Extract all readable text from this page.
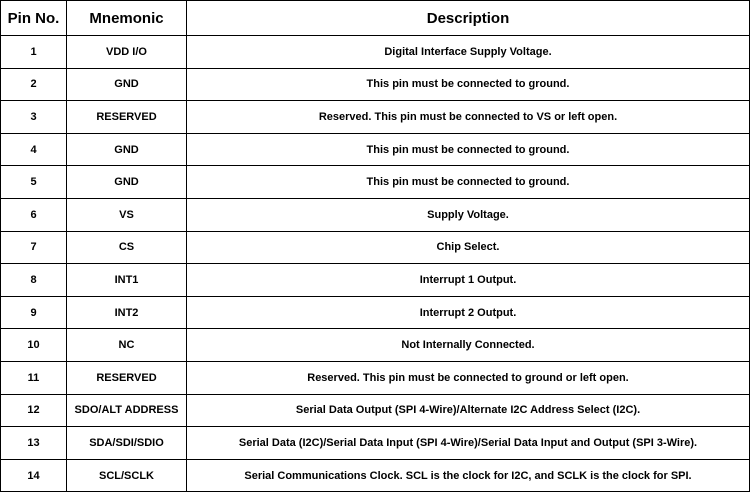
Pin No.	Mnemonic	Description
1	VDD I/O	Digital Interface Supply Voltage.
2	GND	This pin must be connected to ground.
3	RESERVED	Reserved. This pin must be connected to VS or left open.
4	GND	This pin must be connected to ground.
5	GND	This pin must be connected to ground.
6	VS	Supply Voltage.
7	CS	Chip Select.
8	INT1	Interrupt 1 Output.
9	INT2	Interrupt 2 Output.
10	NC	Not Internally Connected.
11	RESERVED	Reserved. This pin must be connected to ground or left open.
12	SDO/ALT ADDRESS	Serial Data Output (SPI 4-Wire)/Alternate I2C Address Select (I2C).
13	SDA/SDI/SDIO	Serial Data (I2C)/Serial Data Input (SPI 4-Wire)/Serial Data Input and Output (SPI 3-Wire).
14	SCL/SCLK	Serial Communications Clock. SCL is the clock for I2C, and SCLK is the clock for SPI.
